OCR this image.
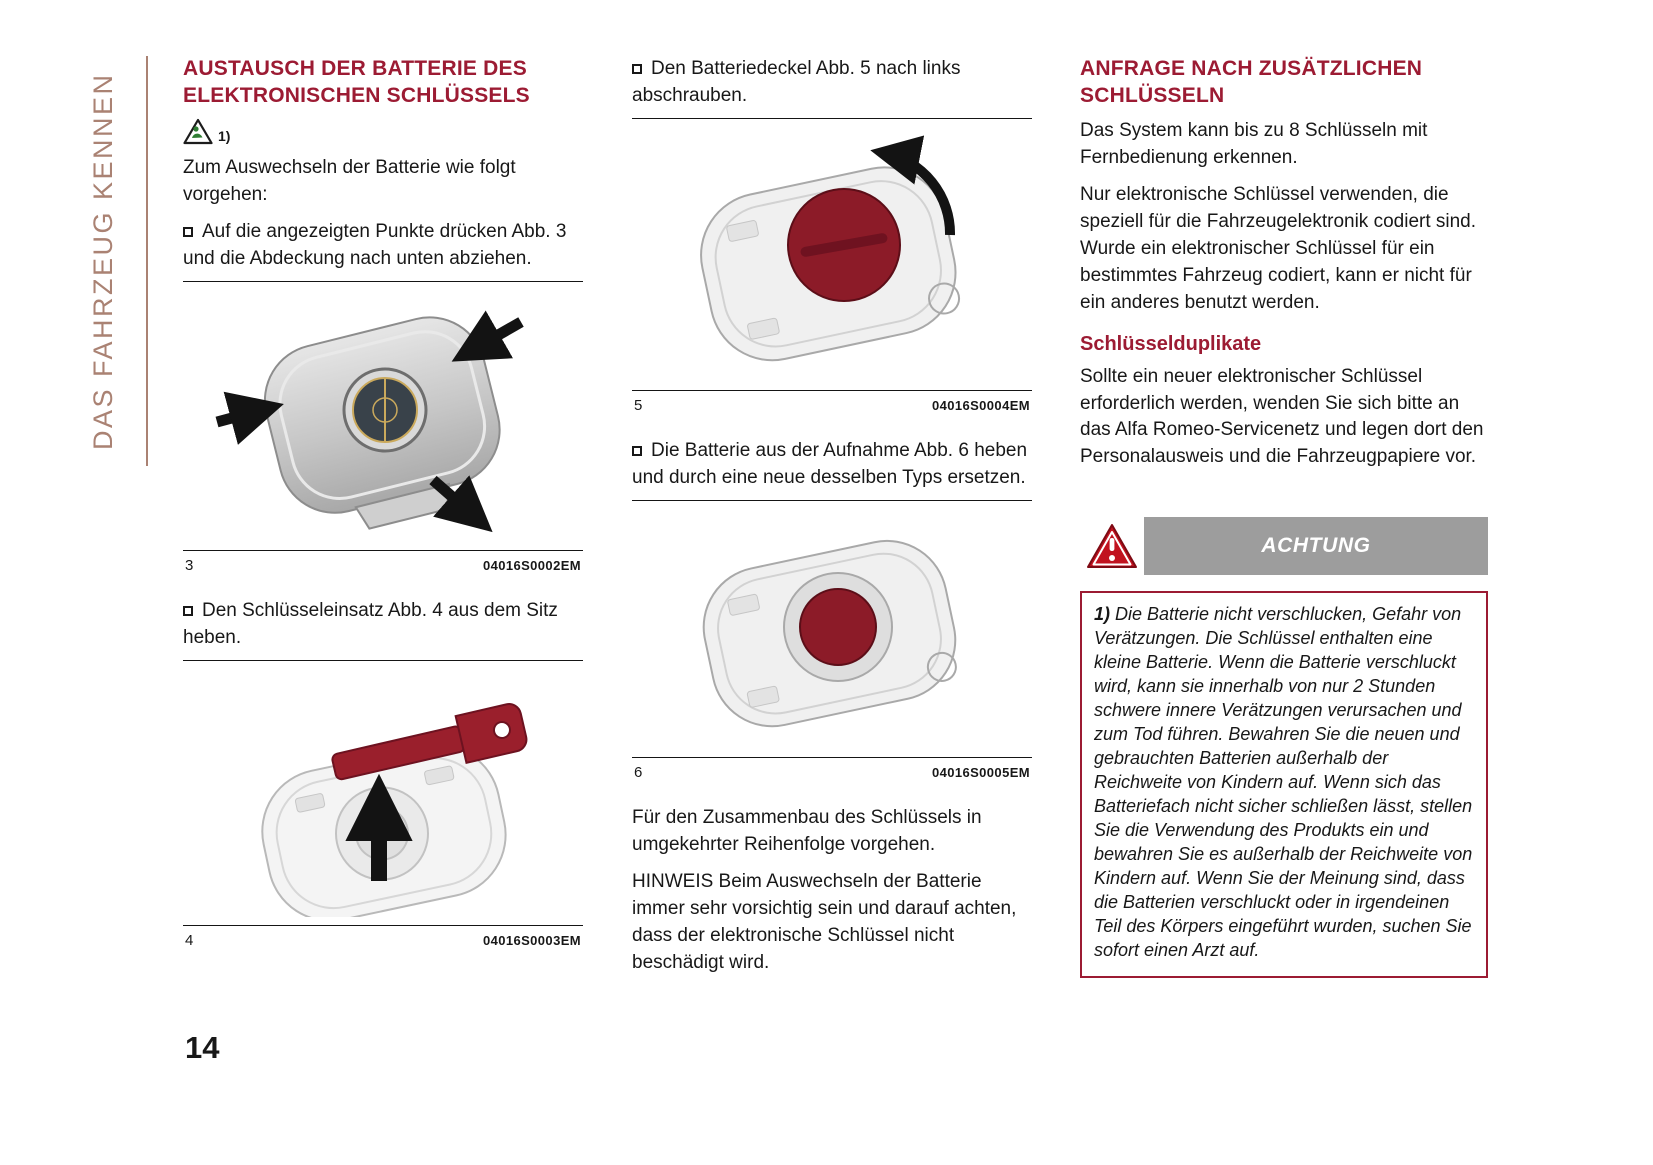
DAS FAHRZEUG KENNEN
AUSTAUSCH DER BATTERIE DES ELEKTRONISCHEN SCHLÜSSELS
1)

Zum Auswechseln der Batterie wie folgt vorgehen:

Auf die angezeigten Punkte drücken Abb. 3 und die Abdeckung nach unten abziehen.

3	04016S0002EM

Den Schlüsseleinsatz Abb. 4 aus dem Sitz heben.

4	04016S0003EM

Den Batteriedeckel Abb. 5 nach links abschrauben.

5	04016S0004EM

Die Batterie aus der Aufnahme Abb. 6 heben und durch eine neue desselben Typs ersetzen.

6	04016S0005EM

Für den Zusammenbau des Schlüssels in umgekehrter Reihenfolge vorgehen.

HINWEIS Beim Auswechseln der Batterie immer sehr vorsichtig sein und darauf achten, dass der elektronische Schlüssel nicht beschädigt wird.

ANFRAGE NACH ZUSÄTZLICHEN SCHLÜSSELN

Das System kann bis zu 8 Schlüsseln mit Fernbedienung erkennen.

Nur elektronische Schlüssel verwenden, die speziell für die Fahrzeugelektronik codiert sind. Wurde ein elektronischer Schlüssel für ein bestimmtes Fahrzeug codiert, kann er nicht für ein anderes benutzt werden.

Schlüsselduplikate

Sollte ein neuer elektronischer Schlüssel erforderlich werden, wenden Sie sich bitte an das Alfa Romeo-Servicenetz und legen dort den Personalausweis und die Fahrzeugpapiere vor.

ACHTUNG
1) Die Batterie nicht verschlucken, Gefahr von Verätzungen. Die Schlüssel enthalten eine kleine Batterie. Wenn die Batterie verschluckt wird, kann sie innerhalb von nur 2 Stunden schwere innere Verätzungen verursachen und zum Tod führen. Bewahren Sie die neuen und gebrauchten Batterien außerhalb der Reichweite von Kindern auf. Wenn sich das Batteriefach nicht sicher schließen lässt, stellen Sie die Verwendung des Produkts ein und bewahren Sie es außerhalb der Reichweite von Kindern auf. Wenn Sie der Meinung sind, dass die Batterien verschluckt oder in irgendeinen Teil des Körpers eingeführt wurden, suchen Sie sofort einen Arzt auf.
14
